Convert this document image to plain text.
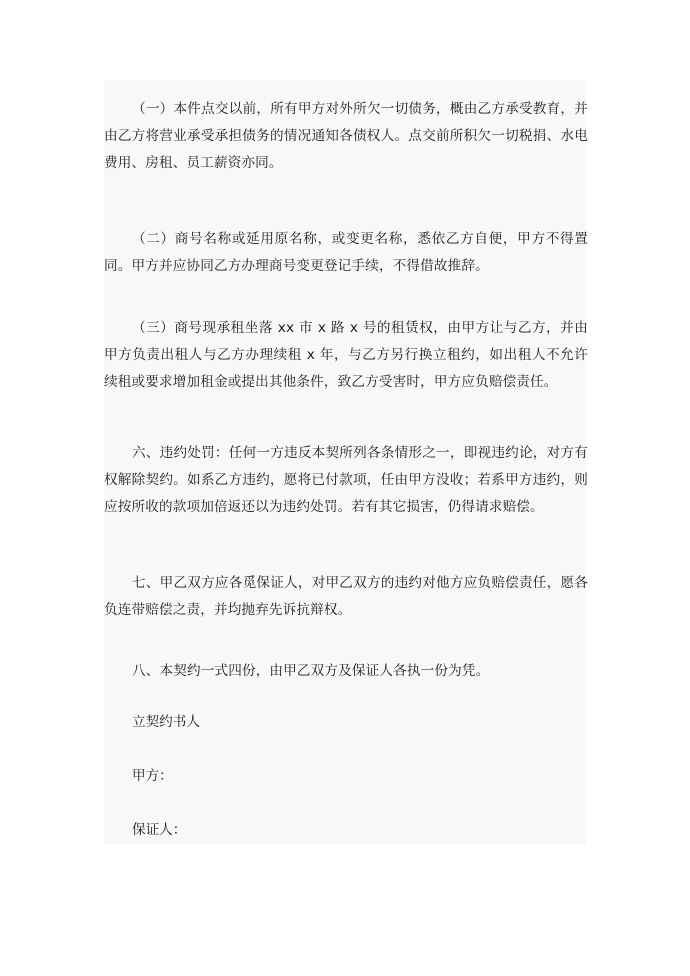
（一）本件点交以前，所有甲方对外所欠一切债务，概由乙方承受教育，并由乙方将营业承受承担债务的情况通知各债权人。点交前所积欠一切税捐、水电费用、房租、员工薪资亦同。

（二）商号名称或延用原名称，或变更名称，悉依乙方自便，甲方不得置同。甲方并应协同乙方办理商号变更登记手续，不得借故推辞。

（三）商号现承租坐落 xx 市 x 路 x 号的租赁权，由甲方让与乙方，并由甲方负责出租人与乙方办理续租 x 年，与乙方另行换立租约，如出租人不允许续租或要求增加租金或提出其他条件，致乙方受害时，甲方应负赔偿责任。

六、违约处罚：任何一方违反本契所列各条情形之一，即视违约论，对方有权解除契约。如系乙方违约，愿将已付款项，任由甲方没收；若系甲方违约，则应按所收的款项加倍返还以为违约处罚。若有其它损害，仍得请求赔偿。

七、甲乙双方应各觅保证人，对甲乙双方的违约对他方应负赔偿责任，愿各负连带赔偿之责，并均抛弃先诉抗辩权。

八、本契约一式四份，由甲乙双方及保证人各执一份为凭。

立契约书人

甲方：

保证人：
